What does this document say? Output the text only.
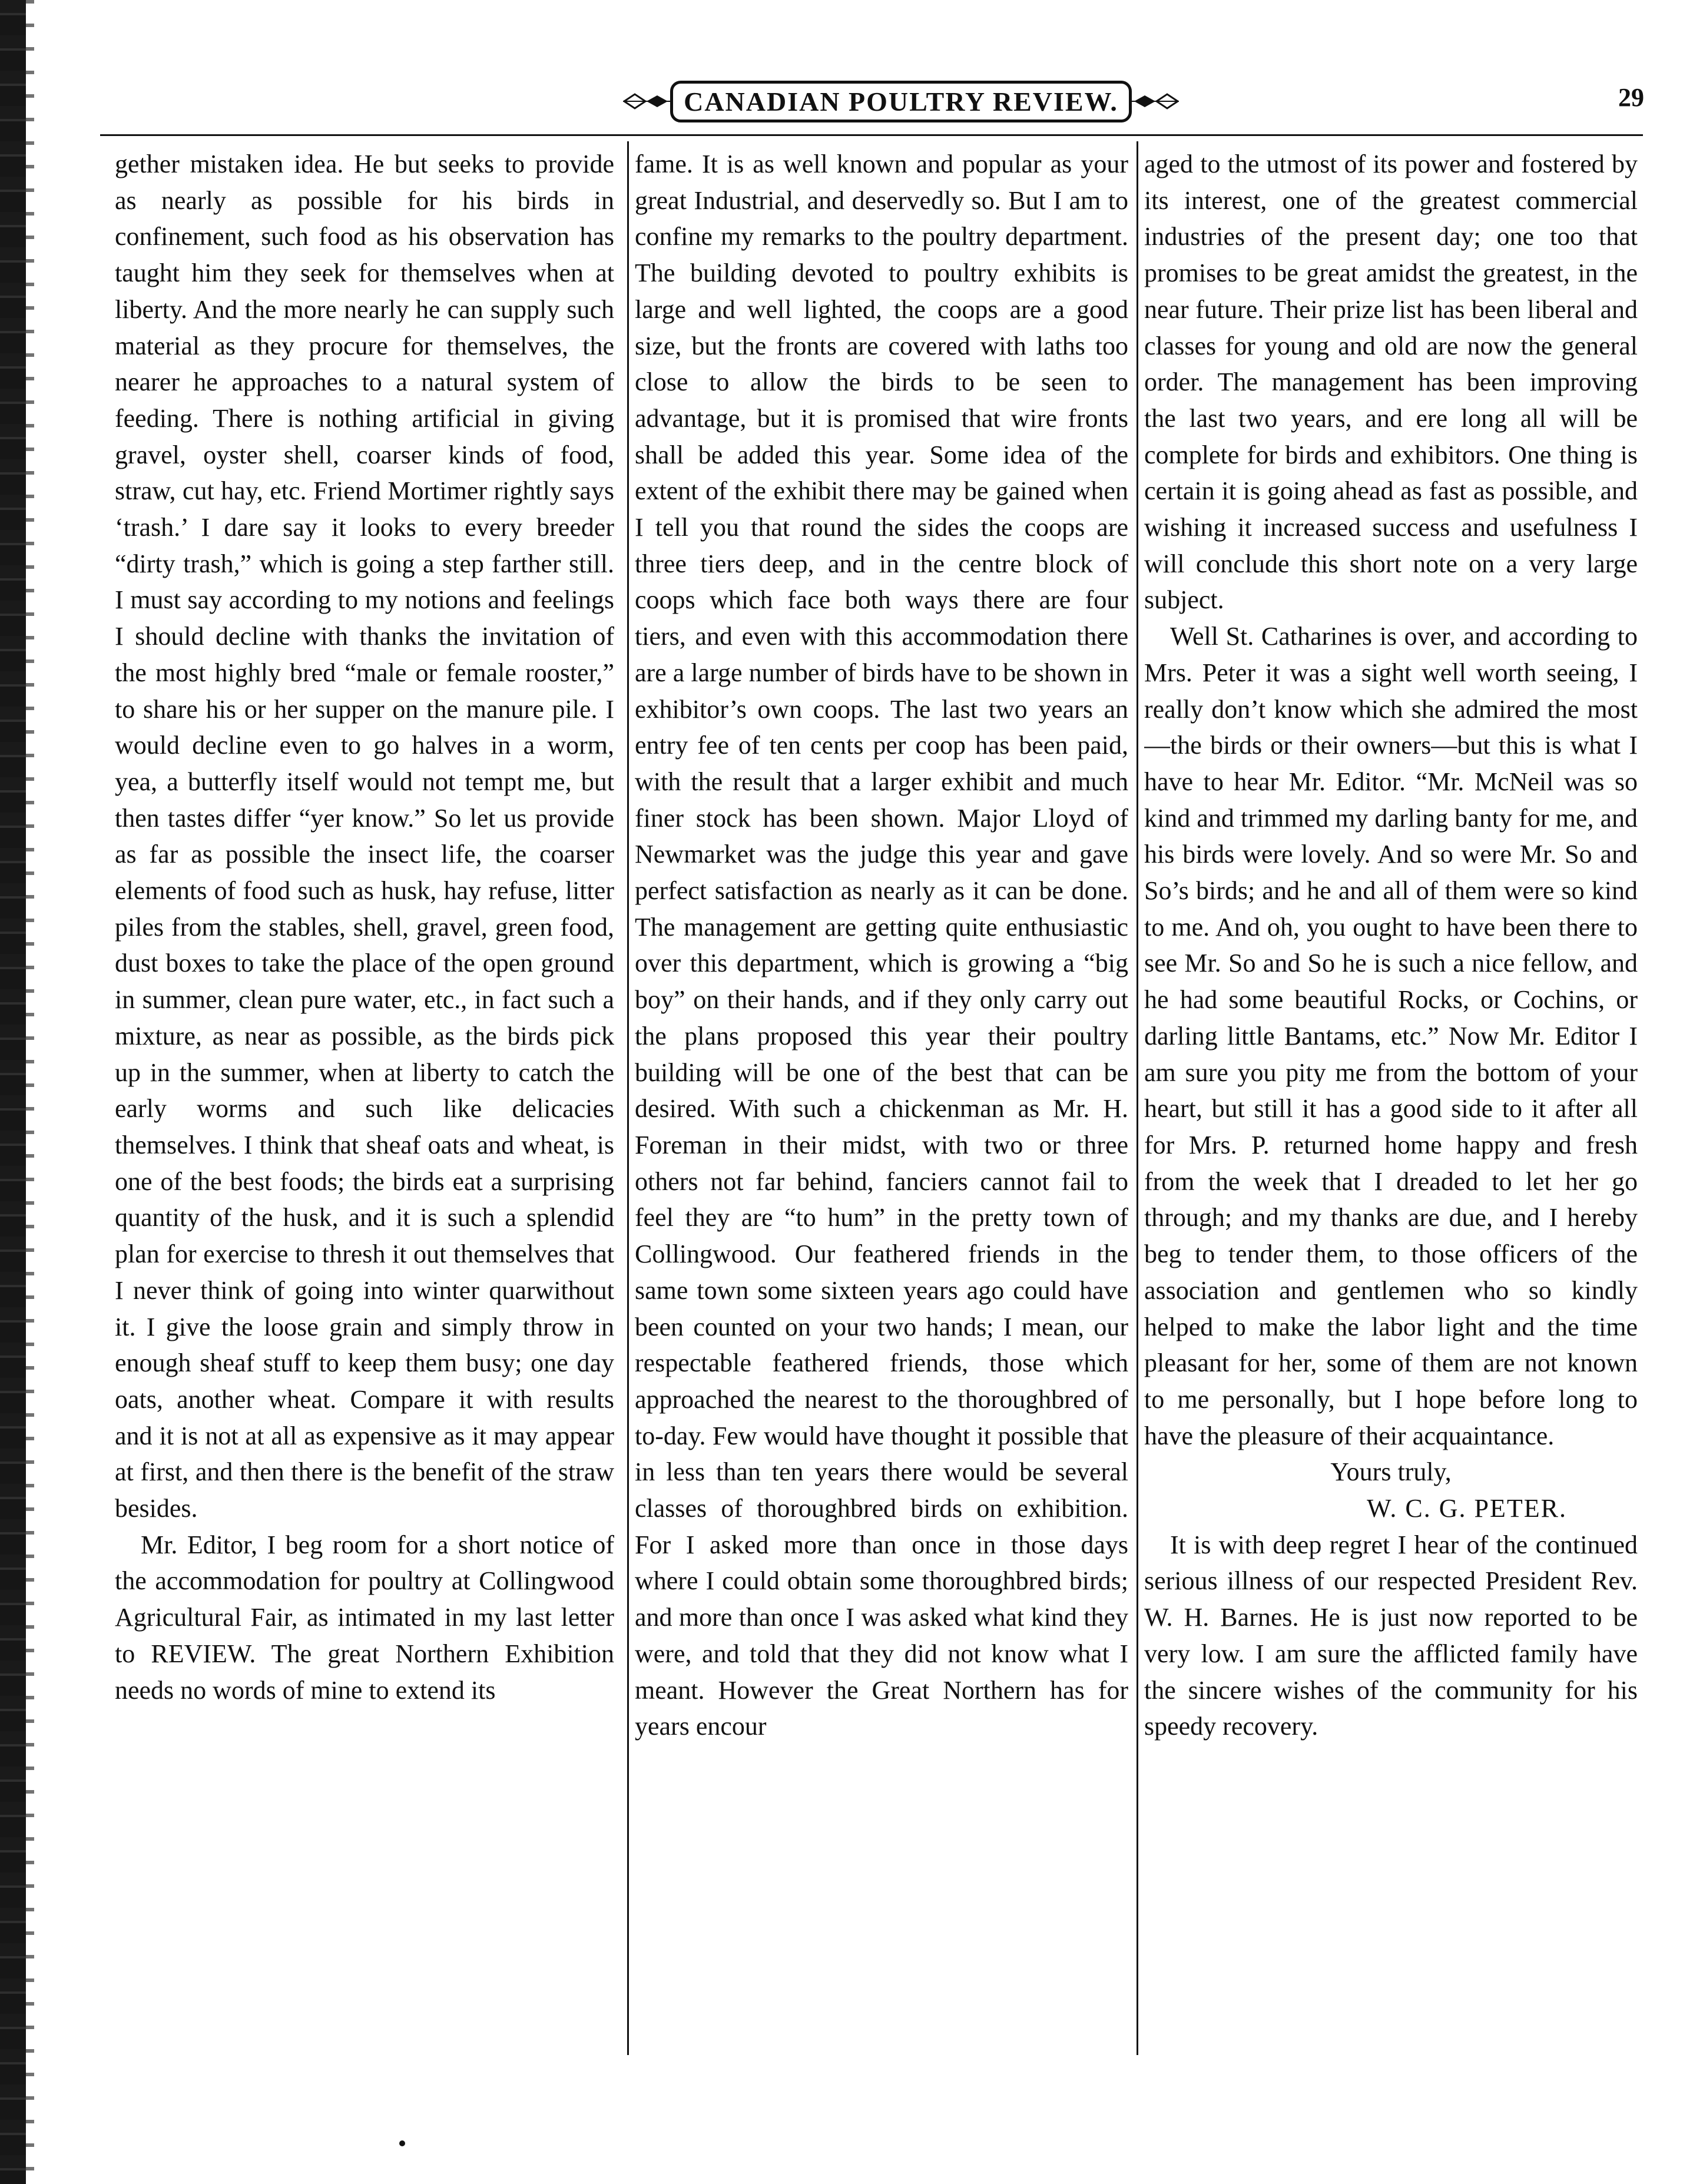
CANADIAN POULTRY REVIEW.	29

gether mistaken idea. He but seeks to provide as nearly as possible for his birds in confinement, such food as his observation has taught him they seek for themselves when at liberty. And the more nearly he can supply such material as they procure for themselves, the nearer he approaches to a natural system of feeding. There is nothing artificial in giving gravel, oyster shell, coarser kinds of food, straw, cut hay, etc. Friend Mortimer rightly says ‘trash.’ I dare say it looks to every breeder “dirty trash,” which is going a step farther still. I must say according to my notions and feelings I should decline with thanks the invitation of the most highly bred “male or female rooster,” to share his or her supper on the manure pile. I would decline even to go halves in a worm, yea, a butterfly itself would not tempt me, but then tastes differ “yer know.” So let us provide as far as possible the insect life, the coarser elements of food such as husk, hay refuse, litter piles from the stables, shell, gravel, green food, dust boxes to take the place of the open ground in summer, clean pure water, etc., in fact such a mixture, as near as possible, as the birds pick up in the summer, when at liberty to catch the early worms and such like delicacies themselves. I think that sheaf oats and wheat, is one of the best foods; the birds eat a surprising quantity of the husk, and it is such a splendid plan for exercise to thresh it out themselves that I never think of going into winter quarwithout it. I give the loose grain and simply throw in enough sheaf stuff to keep them busy; one day oats, another wheat. Compare it with results and it is not at all as expensive as it may appear at first, and then there is the benefit of the straw besides.

Mr. Editor, I beg room for a short notice of the accommodation for poultry at Collingwood Agricultural Fair, as intimated in my last letter to REVIEW. The great Northern Exhibition needs no words of mine to extend its

fame. It is as well known and popular as your great Industrial, and deservedly so. But I am to confine my remarks to the poultry department. The building devoted to poultry exhibits is large and well lighted, the coops are a good size, but the fronts are covered with laths too close to allow the birds to be seen to advantage, but it is promised that wire fronts shall be added this year. Some idea of the extent of the exhibit there may be gained when I tell you that round the sides the coops are three tiers deep, and in the centre block of coops which face both ways there are four tiers, and even with this accommodation there are a large number of birds have to be shown in exhibitor’s own coops. The last two years an entry fee of ten cents per coop has been paid, with the result that a larger exhibit and much finer stock has been shown. Major Lloyd of Newmarket was the judge this year and gave perfect satisfaction as nearly as it can be done. The management are getting quite enthusiastic over this department, which is growing a “big boy” on their hands, and if they only carry out the plans proposed this year their poultry building will be one of the best that can be desired. With such a chickenman as Mr. H. Foreman in their midst, with two or three others not far behind, fanciers cannot fail to feel they are “to hum” in the pretty town of Collingwood. Our feathered friends in the same town some sixteen years ago could have been counted on your two hands; I mean, our respectable feathered friends, those which approached the nearest to the thoroughbred of to-day. Few would have thought it possible that in less than ten years there would be several classes of thoroughbred birds on exhibition. For I asked more than once in those days where I could obtain some thoroughbred birds; and more than once I was asked what kind they were, and told that they did not know what I meant. However the Great Northern has for years encour

aged to the utmost of its power and fostered by its interest, one of the greatest commercial industries of the present day; one too that promises to be great amidst the greatest, in the near future. Their prize list has been liberal and classes for young and old are now the general order. The management has been improving the last two years, and ere long all will be complete for birds and exhibitors. One thing is certain it is going ahead as fast as possible, and wishing it increased success and usefulness I will conclude this short note on a very large subject.

Well St. Catharines is over, and according to Mrs. Peter it was a sight well worth seeing, I really don’t know which she admired the most—the birds or their owners—but this is what I have to hear Mr. Editor. “Mr. McNeil was so kind and trimmed my darling banty for me, and his birds were lovely. And so were Mr. So and So’s birds; and he and all of them were so kind to me. And oh, you ought to have been there to see Mr. So and So he is such a nice fellow, and he had some beautiful Rocks, or Cochins, or darling little Bantams, etc.” Now Mr. Editor I am sure you pity me from the bottom of your heart, but still it has a good side to it after all for Mrs. P. returned home happy and fresh from the week that I dreaded to let her go through; and my thanks are due, and I hereby beg to tender them, to those officers of the association and gentlemen who so kindly helped to make the labor light and the time pleasant for her, some of them are not known to me personally, but I hope before long to have the pleasure of their acquaintance.

Yours truly,

W. C. G. PETER.

It is with deep regret I hear of the continued serious illness of our respected President Rev. W. H. Barnes. He is just now reported to be very low. I am sure the afflicted family have the sincere wishes of the community for his speedy recovery.
